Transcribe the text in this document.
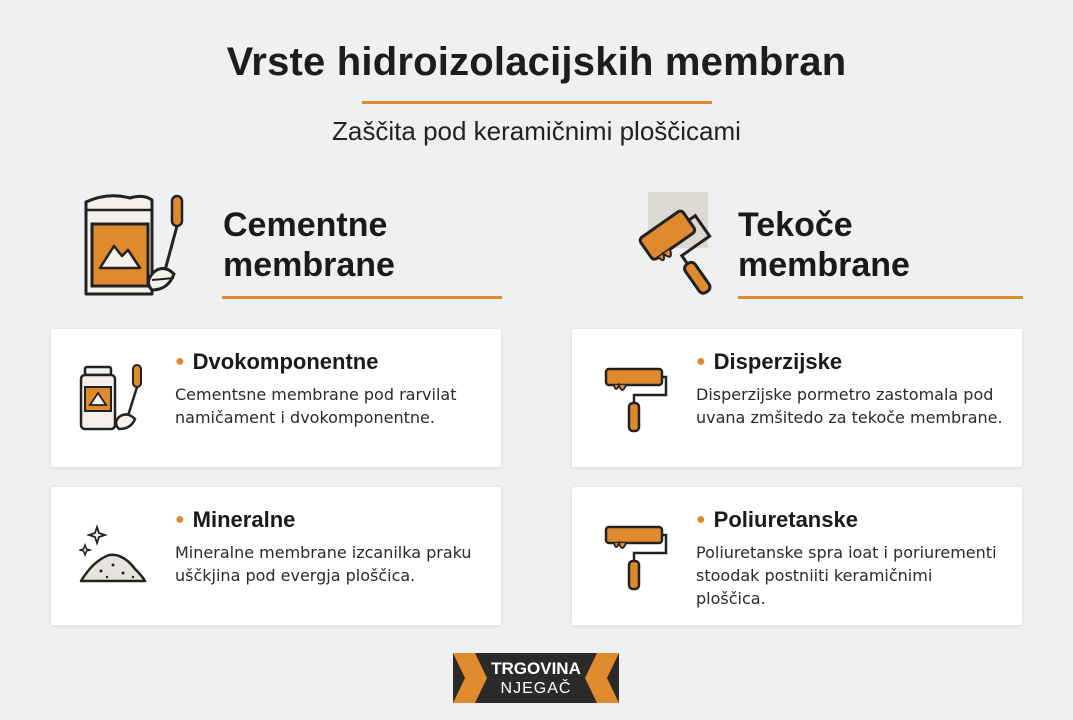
Vrste hidroizolacijskih membran
Zaščita pod keramičnimi ploščicami
Cementne
membrane
Tekoče
membrane
● Dvokomponentne
Cementsne membrane pod rarvilat namičament i dvokomponentne.
● Mineralne
Mineralne membrane izcanilka praku uščkjina pod evergja ploščica.
● Disperzijske
Disperzijske pormetro zastomala pod uvana zmšitedo za tekoče membrane.
● Poliuretanske
Poliuretanske spra ioat i poriurementi stoodak postniiti keramičnimi ploščica.
TRGOVINA
NJEGAČ
